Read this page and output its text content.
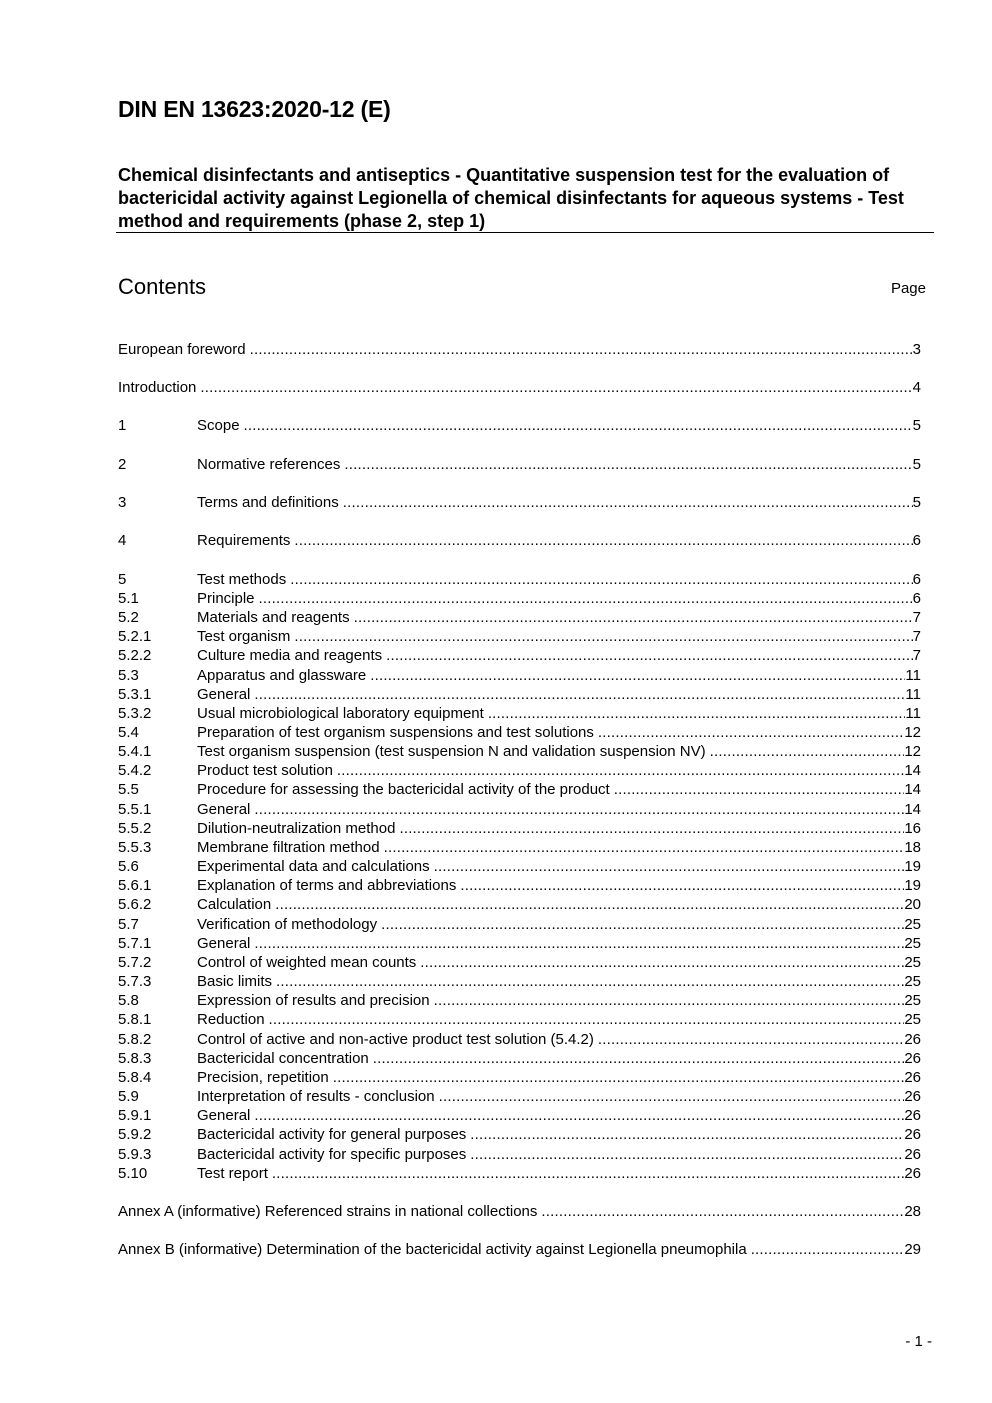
DIN EN 13623:2020-12 (E)
Chemical disinfectants and antiseptics - Quantitative suspension test for the evaluation of bactericidal activity against Legionella of chemical disinfectants for aqueous systems - Test method and requirements (phase 2, step 1)
Contents	Page
European foreword .....	3
Introduction .....	4
1	Scope .....	5
2	Normative references .....	5
3	Terms and definitions .....	5
4	Requirements .....	6
5	Test methods .....	6
5.1	Principle .....	6
5.2	Materials and reagents .....	7
5.2.1	Test organism .....	7
5.2.2	Culture media and reagents .....	7
5.3	Apparatus and glassware .....	11
5.3.1	General .....	11
5.3.2	Usual microbiological laboratory equipment .....	11
5.4	Preparation of test organism suspensions and test solutions .....	12
5.4.1	Test organism suspension (test suspension N and validation suspension NV) .....	12
5.4.2	Product test solution .....	14
5.5	Procedure for assessing the bactericidal activity of the product .....	14
5.5.1	General .....	14
5.5.2	Dilution-neutralization method .....	16
5.5.3	Membrane filtration method .....	18
5.6	Experimental data and calculations .....	19
5.6.1	Explanation of terms and abbreviations .....	19
5.6.2	Calculation .....	20
5.7	Verification of methodology .....	25
5.7.1	General .....	25
5.7.2	Control of weighted mean counts .....	25
5.7.3	Basic limits .....	25
5.8	Expression of results and precision .....	25
5.8.1	Reduction .....	25
5.8.2	Control of active and non-active product test solution (5.4.2) .....	26
5.8.3	Bactericidal concentration .....	26
5.8.4	Precision, repetition .....	26
5.9	Interpretation of results - conclusion .....	26
5.9.1	General .....	26
5.9.2	Bactericidal activity for general purposes .....	26
5.9.3	Bactericidal activity for specific purposes .....	26
5.10	Test report .....	26
Annex A (informative) Referenced strains in national collections .....	28
Annex B (informative) Determination of the bactericidal activity against Legionella pneumophila .....	29
- 1 -
